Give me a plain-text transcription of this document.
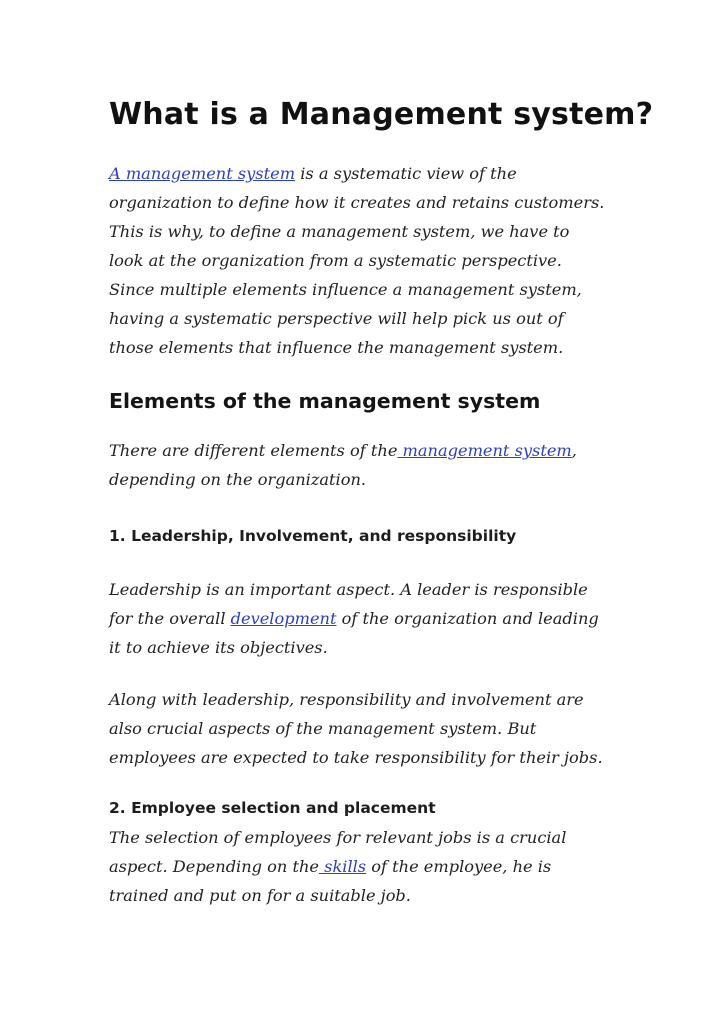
What is a Management system?

A management system is a systematic view of the
organization to define how it creates and retains customers.
This is why, to define a management system, we have to
look at the organization from a systematic perspective.
Since multiple elements influence a management system,
having a systematic perspective will help pick us out of
those elements that influence the management system.

Elements of the management system

There are different elements of the management system,
depending on the organization.

1. Leadership, Involvement, and responsibility

Leadership is an important aspect. A leader is responsible
for the overall development of the organization and leading
it to achieve its objectives.

Along with leadership, responsibility and involvement are
also crucial aspects of the management system. But
employees are expected to take responsibility for their jobs.

2. Employee selection and placement

The selection of employees for relevant jobs is a crucial
aspect. Depending on the skills of the employee, he is
trained and put on for a suitable job.
